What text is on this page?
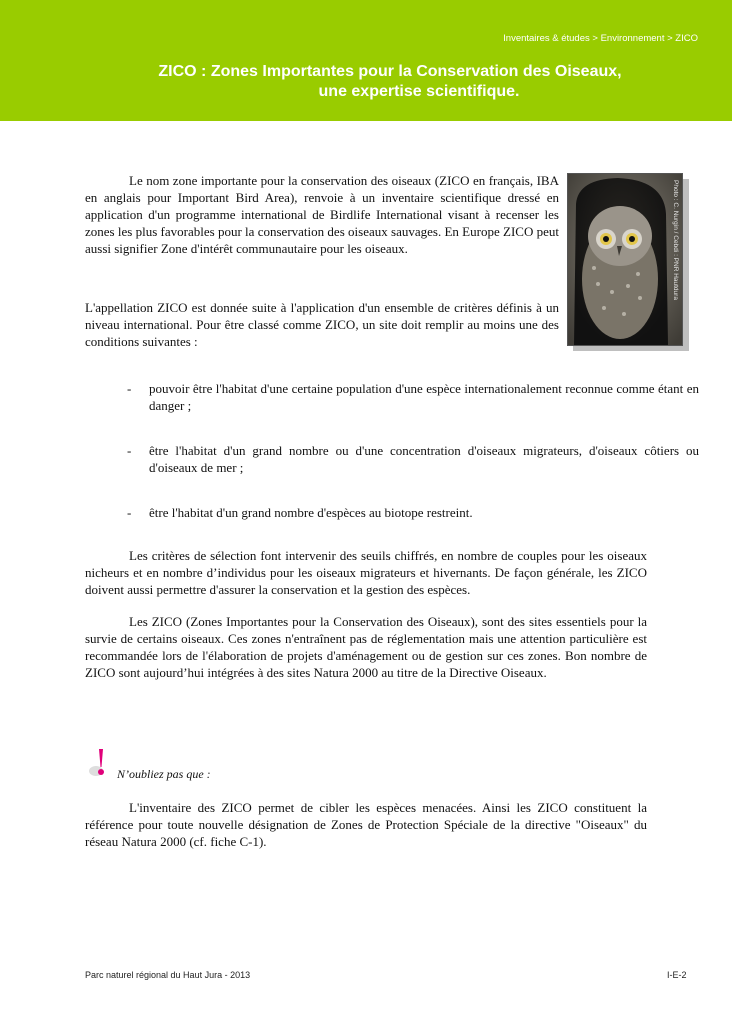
Inventaires & études > Environnement > ZICO
ZICO : Zones Importantes pour la Conservation des Oiseaux,
une expertise scientifique.

Le nom zone importante pour la conservation des oiseaux (ZICO en français, IBA en anglais pour Important Bird Area), renvoie à un inventaire scientifique dressé en application d'un programme international de Birdlife International visant à recenser les zones les plus favorables pour la conservation des oiseaux sauvages. En Europe ZICO peut aussi signifier Zone d'intérêt communautaire pour les oiseaux.

L'appellation ZICO est donnée suite à l'application d'un ensemble de critères définis à un niveau international. Pour être classé comme ZICO, un site doit remplir au moins une des conditions suivantes :

Photo : C. Nurgin / Cebdi : PNR Hautdura
- pouvoir être l'habitat d'une certaine population d'une espèce internationalement reconnue comme étant en danger ;
- être l'habitat d'un grand nombre ou d'une concentration d'oiseaux migrateurs, d'oiseaux côtiers ou d'oiseaux de mer ;
- être l'habitat d'un grand nombre d'espèces au biotope restreint.

Les critères de sélection font intervenir des seuils chiffrés, en nombre de couples pour les oiseaux nicheurs et en nombre d’individus pour les oiseaux migrateurs et hivernants. De façon générale, les ZICO doivent aussi permettre d'assurer la conservation et la gestion des espèces.

Les ZICO (Zones Importantes pour la Conservation des Oiseaux), sont des sites essentiels pour la survie de certains oiseaux. Ces zones n'entraînent pas de réglementation mais une attention particulière est recommandée lors de l'élaboration de projets d'aménagement ou de gestion sur ces zones. Bon nombre de ZICO sont aujourd’hui intégrées à des sites Natura 2000 au titre de la Directive Oiseaux.

N’oubliez pas que :

L'inventaire des ZICO permet de cibler les espèces menacées. Ainsi les ZICO constituent la référence pour toute nouvelle désignation de Zones de Protection Spéciale de la directive "Oiseaux" du réseau Natura 2000 (cf. fiche C-1).

Parc naturel régional du Haut Jura - 2013	I-E-2
